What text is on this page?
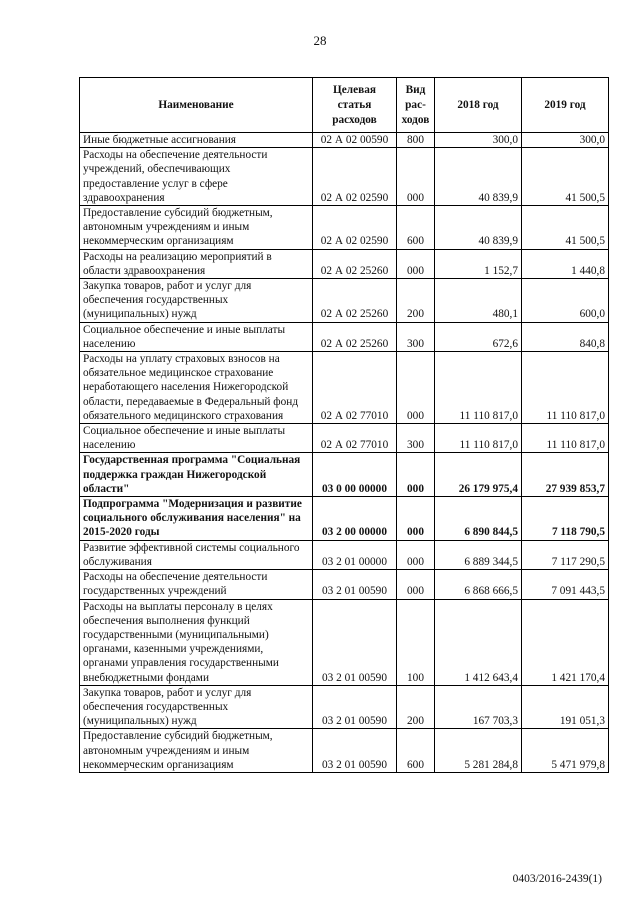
28
Наименование	Целевая статья расходов	Вид рас-ходов	2018 год	2019 год
Иные бюджетные ассигнования	02 А 02 00590	800	300,0	300,0
Расходы на обеспечение деятельности учреждений, обеспечивающих предоставление услуг в сфере здравоохранения	02 А 02 02590	000	40 839,9	41 500,5
Предоставление субсидий бюджетным, автономным учреждениям и иным некоммерческим организациям	02 А 02 02590	600	40 839,9	41 500,5
Расходы на реализацию мероприятий в области здравоохранения	02 А 02 25260	000	1 152,7	1 440,8
Закупка товаров, работ и услуг для обеспечения государственных (муниципальных) нужд	02 А 02 25260	200	480,1	600,0
Социальное обеспечение и иные выплаты населению	02 А 02 25260	300	672,6	840,8
Расходы на уплату страховых взносов на обязательное медицинское страхование неработающего населения Нижегородской области, передаваемые в Федеральный фонд обязательного медицинского страхования	02 А 02 77010	000	11 110 817,0	11 110 817,0
Социальное обеспечение и иные выплаты населению	02 А 02 77010	300	11 110 817,0	11 110 817,0
Государственная программа "Социальная поддержка граждан Нижегородской области"	03 0 00 00000	000	26 179 975,4	27 939 853,7
Подпрограмма "Модернизация и развитие социального обслуживания населения" на 2015-2020 годы	03 2 00 00000	000	6 890 844,5	7 118 790,5
Развитие эффективной системы социального обслуживания	03 2 01 00000	000	6 889 344,5	7 117 290,5
Расходы на обеспечение деятельности государственных учреждений	03 2 01 00590	000	6 868 666,5	7 091 443,5
Расходы на выплаты персоналу в целях обеспечения выполнения функций государственными (муниципальными) органами, казенными учреждениями, органами управления государственными внебюджетными фондами	03 2 01 00590	100	1 412 643,4	1 421 170,4
Закупка товаров, работ и услуг для обеспечения государственных (муниципальных) нужд	03 2 01 00590	200	167 703,3	191 051,3
Предоставление субсидий бюджетным, автономным учреждениям и иным некоммерческим организациям	03 2 01 00590	600	5 281 284,8	5 471 979,8
0403/2016-2439(1)
